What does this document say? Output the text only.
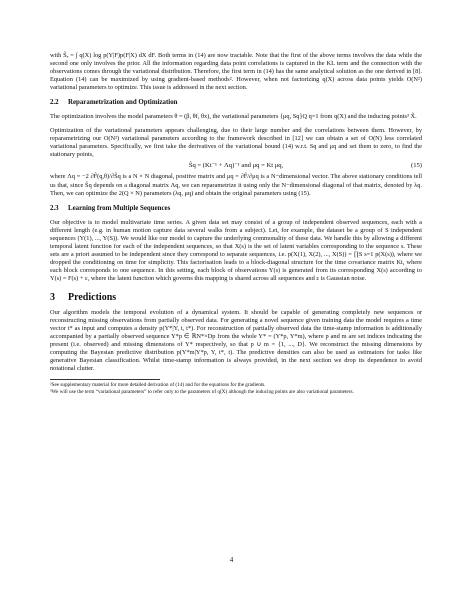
with Ŝₑ = ∫ q(X) log p(Y|F)p(F|X) dX dF. Both terms in (14) are now tractable. Note that the first of the above terms involves the data while the second one only involves the prior. All the information regarding data point correlations is captured in the KL term and the connection with the observations comes through the variational distribution. Therefore, the first term in (14) has the same analytical solution as the one derived in [8]. Equation (14) can be maximized by using gradient-based methods². However, when not factorizing q(X) across data points yields O(N²) variational parameters to optimize. This issue is addressed in the next section.

2.2 Reparametrization and Optimization

The optimization involves the model parameters θ = (β, θf, θx), the variational parameters {μq, Sq}Q q=1 from q(X) and the inducing points³ X̃.

Optimization of the variational parameters appears challenging, due to their large number and the correlations between them. However, by reparametrizing our O(N²) variational parameters according to the framework described in [12] we can obtain a set of O(N) less correlated variational parameters. Specifically, we first take the derivatives of the variational bound (14) w.r.t. Sq and μq and set them to zero, to find the stationary points,

Ŝq = (Kt⁻¹ + Λq)⁻¹ and μq = Kt μq,	(15)

where Λq = −2 ∂F̂(q,θ)/∂Ŝq is a N × N diagonal, positive matrix and μq = ∂F̂/∂μq is a N−dimensional vector. The above stationary conditions tell us that, since Ŝq depends on a diagonal matrix Λq, we can reparametrize it using only the N−dimensional diagonal of that matrix, denoted by λq. Then, we can optimize the 2(Q × N) parameters (λq, μq) and obtain the original parameters using (15).

2.3 Learning from Multiple Sequences

Our objective is to model multivariate time series. A given data set may consist of a group of independent observed sequences, each with a different length (e.g. in human motion capture data several walks from a subject). Let, for example, the dataset be a group of S independent sequences (Y(1), ..., Y(S)). We would like our model to capture the underlying commonality of these data. We handle this by allowing a different temporal latent function for each of the independent sequences, so that X(s) is the set of latent variables corresponding to the sequence s. These sets are a priori assumed to be independent since they correspond to separate sequences, i.e. p(X(1), X(2), ..., X(S)) = ∏S s=1 p(X(s)), where we dropped the conditioning on time for simplicity. This factorisation leads to a block-diagonal structure for the time covariance matrix Kt, where each block corresponds to one sequence. In this setting, each block of observations Y(s) is generated from its corresponding X(s) according to Y(s) = F(s) + ε, where the latent function which governs this mapping is shared across all sequences and ε is Gaussian noise.

3 Predictions

Our algorithm models the temporal evolution of a dynamical system. It should be capable of generating completely new sequences or reconstructing missing observations from partially observed data. For generating a novel sequence given training data the model requires a time vector t* as input and computes a density p(Y*|Y, t, t*). For reconstruction of partially observed data the time-stamp information is additionally accompanied by a partially observed sequence Y*p ∈ ℝN*×Dp from the whole Y* = (Y*p, Y*m), where p and m are set indices indicating the present (i.e. observed) and missing dimensions of Y* respectively, so that p ∪ m = {1, ..., D}. We reconstruct the missing dimensions by computing the Bayesian predictive distribution p(Y*m|Y*p, Y, t*, t). The predictive densities can also be used as estimators for tasks like generative Bayesian classification. Whilst time-stamp information is always provided, in the next section we drop its dependence to avoid notational clutter.

²See supplementary material for more detailed derivation of (14) and for the equations for the gradients.

³We will use the term “variational parameters” to refer only to the parameters of q(X) although the inducing points are also variational parameters.

4
